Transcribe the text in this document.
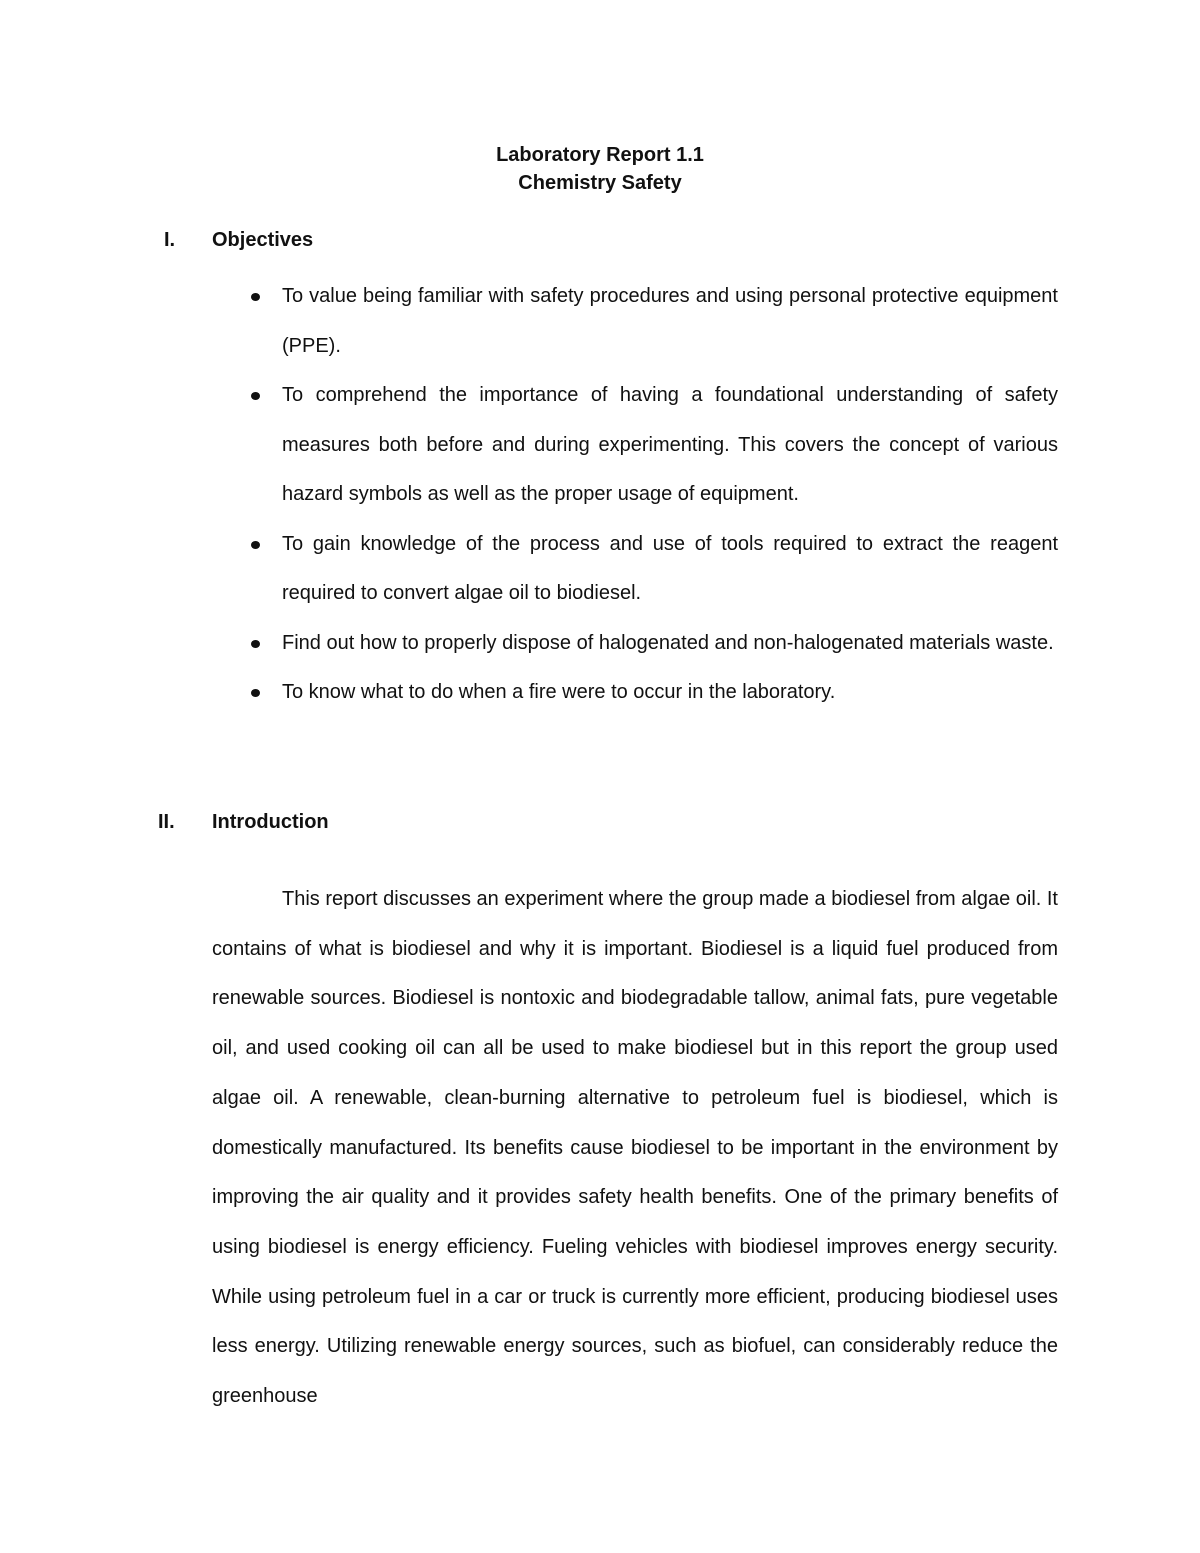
Laboratory Report 1.1
Chemistry Safety
I. Objectives
To value being familiar with safety procedures and using personal protective equipment (PPE).
To comprehend the importance of having a foundational understanding of safety measures both before and during experimenting. This covers the concept of various hazard symbols as well as the proper usage of equipment.
To gain knowledge of the process and use of tools required to extract the reagent required to convert algae oil to biodiesel.
Find out how to properly dispose of halogenated and non-halogenated materials waste.
To know what to do when a fire were to occur in the laboratory.
II. Introduction

This report discusses an experiment where the group made a biodiesel from algae oil. It contains of what is biodiesel and why it is important. Biodiesel is a liquid fuel produced from renewable sources. Biodiesel is nontoxic and biodegradable tallow, animal fats, pure vegetable oil, and used cooking oil can all be used to make biodiesel but in this report the group used algae oil. A renewable, clean-burning alternative to petroleum fuel is biodiesel, which is domestically manufactured. Its benefits cause biodiesel to be important in the environment by improving the air quality and it provides safety health benefits. One of the primary benefits of using biodiesel is energy efficiency. Fueling vehicles with biodiesel improves energy security. While using petroleum fuel in a car or truck is currently more efficient, producing biodiesel uses less energy. Utilizing renewable energy sources, such as biofuel, can considerably reduce the greenhouse
